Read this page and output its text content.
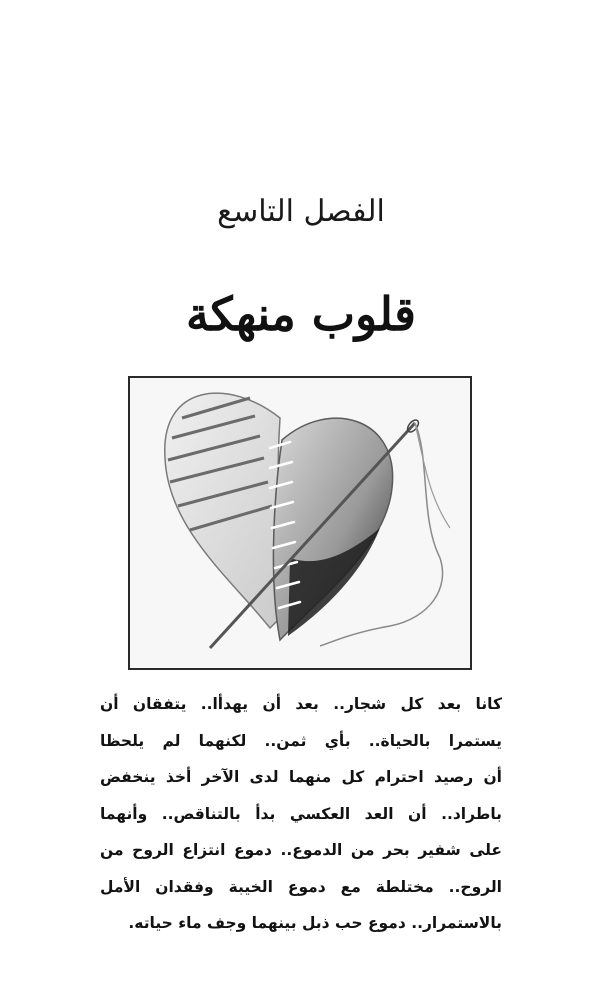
الفصل التاسع
قلوب منهكة
كانا بعد كل شجار.. بعد أن يهدأا.. يتفقان أن
يستمرا بالحياة.. بأي ثمن.. لكنهما لم يلحظا
أن رصيد احترام كل منهما لدى الآخر أخذ ينخفض
باطراد.. أن العد العكسي بدأ بالتناقص.. وأنهما
على شفير بحر من الدموع.. دموع انتزاع الروح من
الروح.. مختلطة مع دموع الخيبة وفقدان الأمل
بالاستمرار.. دموع حب ذبل بينهما وجف ماء حياته.
